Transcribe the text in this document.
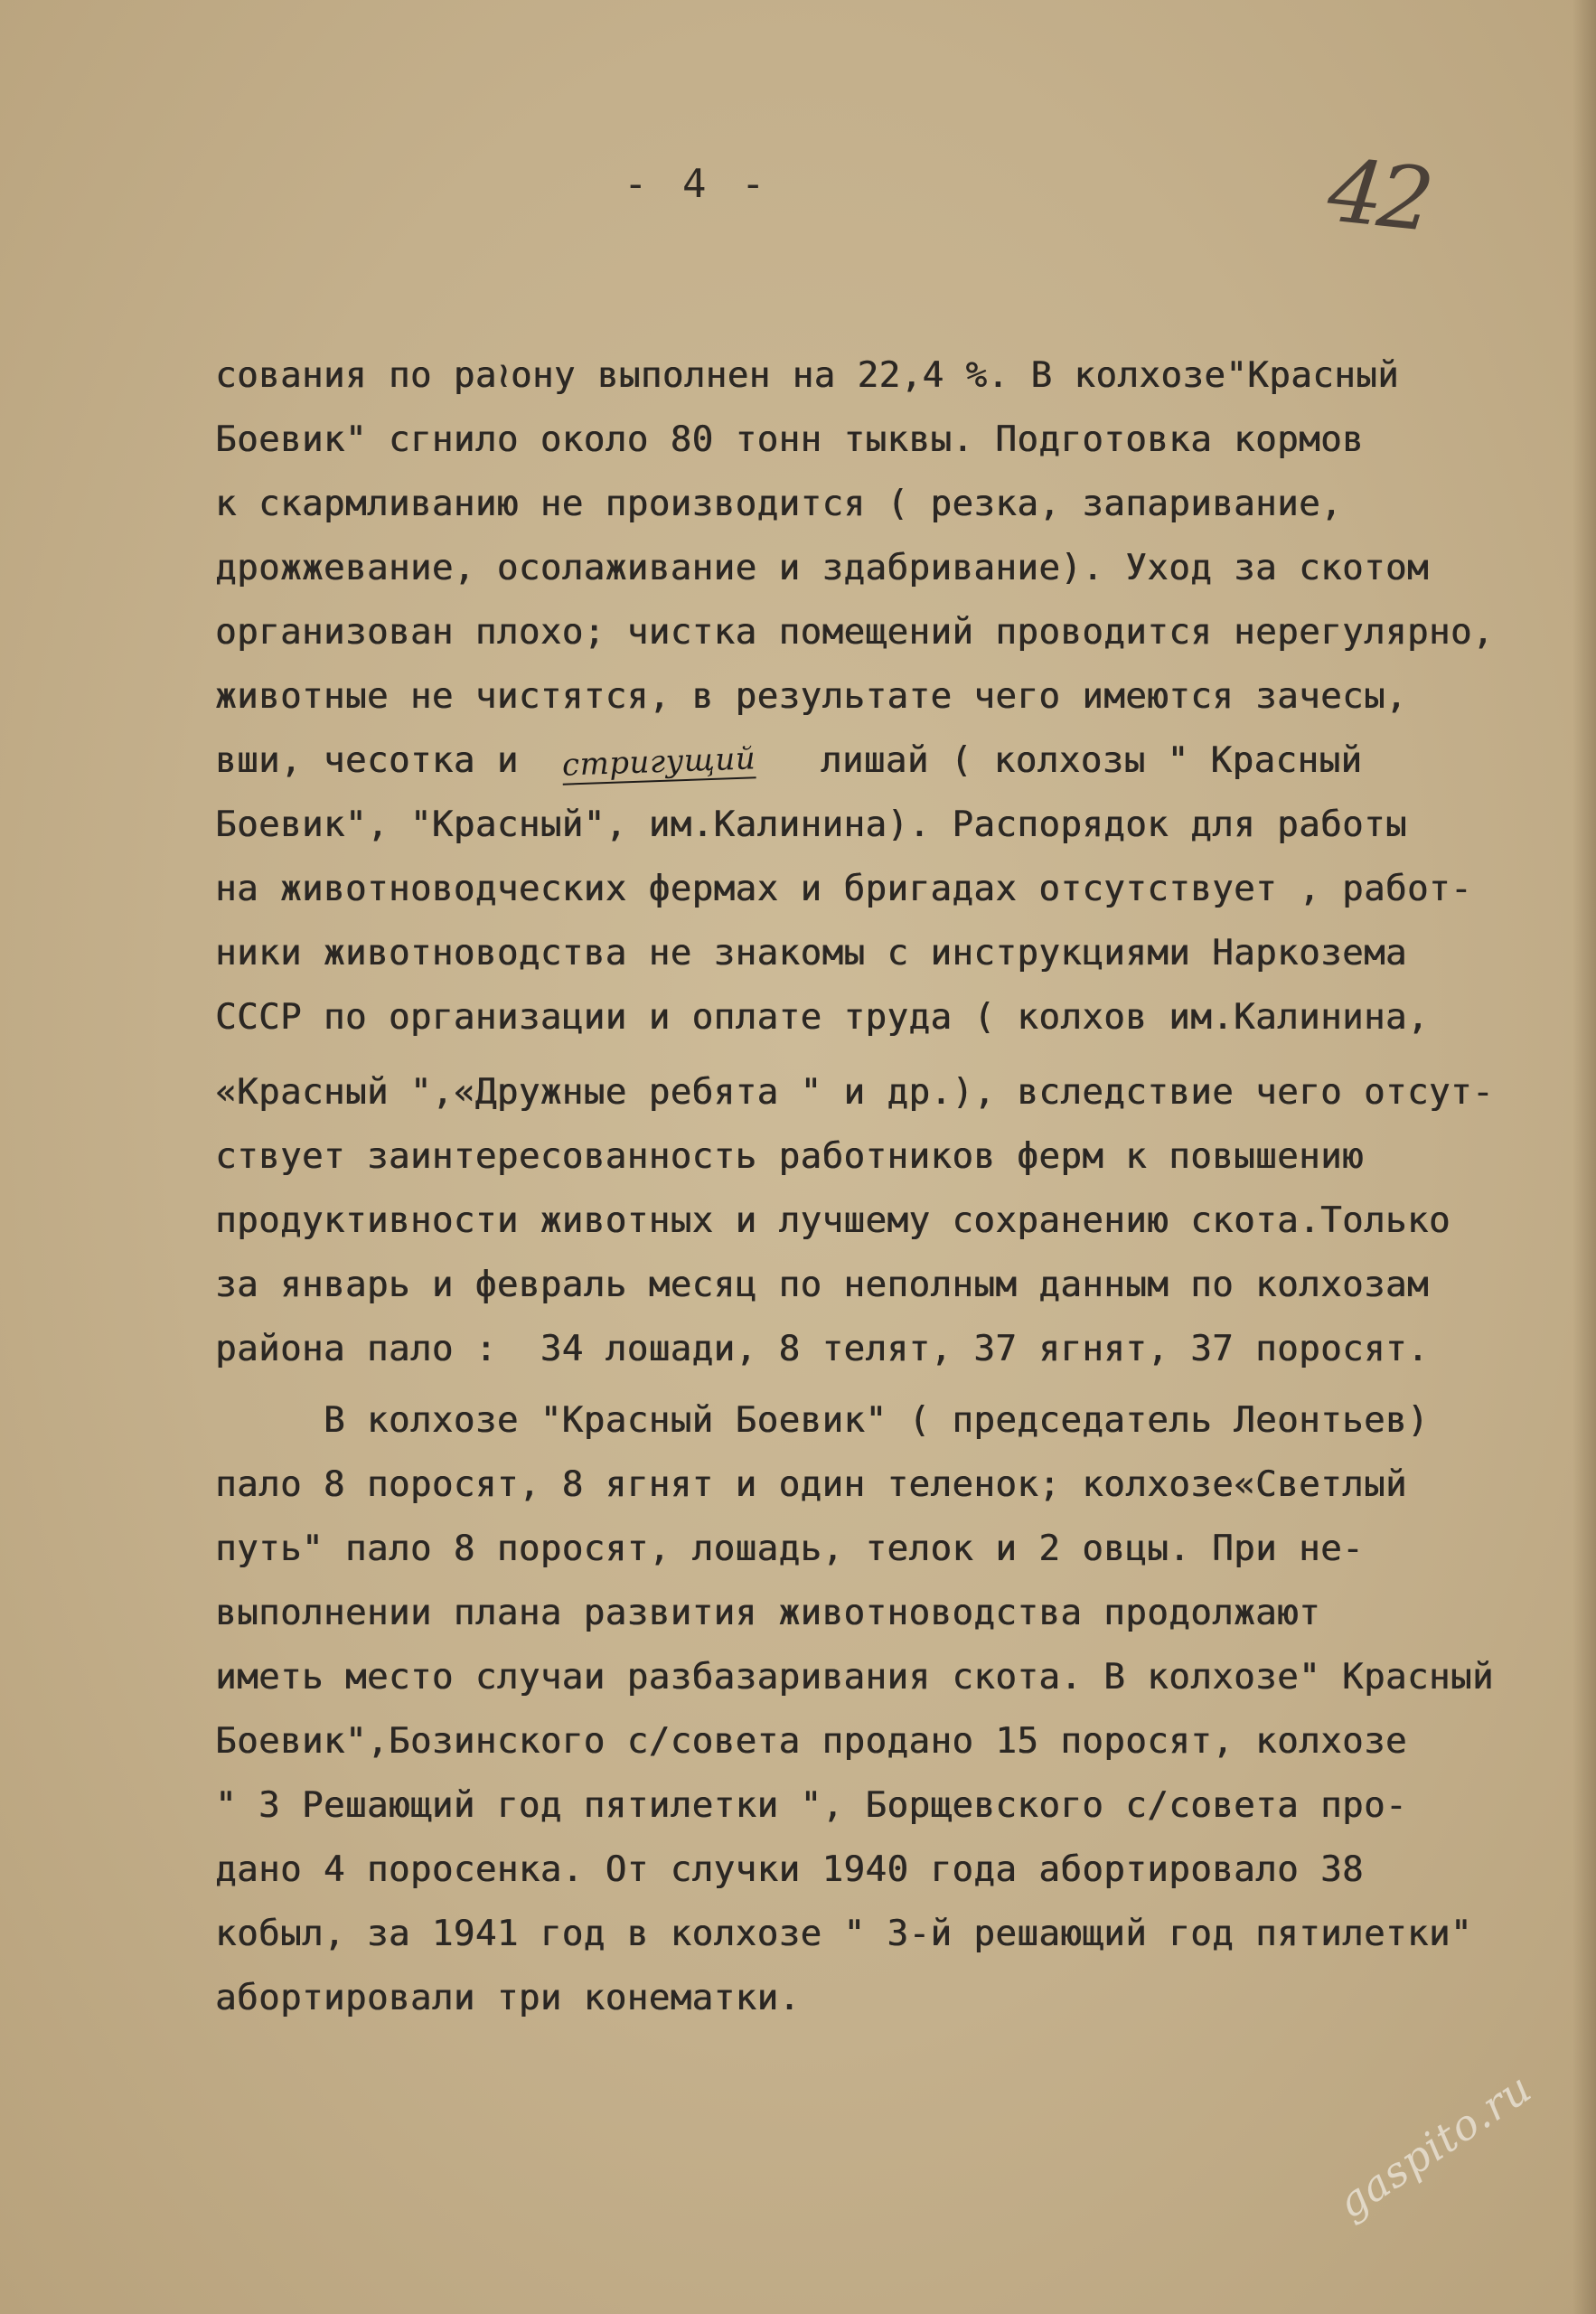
- 4 -	42
сования по ра≀ону выполнен на 22,4 %. В колхозе"Красный
Боевик" сгнило около 80 тонн тыквы. Подготовка кормов
к скармливанию не производится ( резка, запаривание,
дрожжевание, осолаживание и здабривание). Уход за скотом
организован плохо; чистка помещений проводится нерегулярно,
животные не чистятся, в результате чего имеются зачесы,
вши, чесотка и стригущий лишай ( колхозы " Красный
Боевик", "Красный", им.Калинина). Распорядок для работы
на животноводческих фермах и бригадах отсутствует , работ-
ники животноводства не знакомы с инструкциями Наркозема
СССР по организации и оплате труда ( колхов им.Калинина,
«Красный ",«Дружные ребята " и др.), вследствие чего отсут-
ствует заинтересованность работников ферм к повышению
продуктивности животных и лучшему сохранению скота.Только
за январь и февраль месяц по неполным данным по колхозам
района пало :  34 лошади, 8 телят, 37 ягнят, 37 поросят.
В колхозе "Красный Боевик" ( председатель Леонтьев)
пало 8 поросят, 8 ягнят и один теленок; колхозе«Светлый
путь" пало 8 поросят, лошадь, телок и 2 овцы. При не-
выполнении плана развития животноводства продолжают
иметь место случаи разбазаривания скота. В колхозе" Красный
Боевик",Бозинского с/совета продано 15 поросят, колхозе
" 3 Решающий год пятилетки ", Борщевского с/совета про-
дано 4 поросенка. От случки 1940 года абортировало 38
кобыл, за 1941 год в колхозе " 3-й решающий год пятилетки"
абортировали три конематки.
gaspito.ru
